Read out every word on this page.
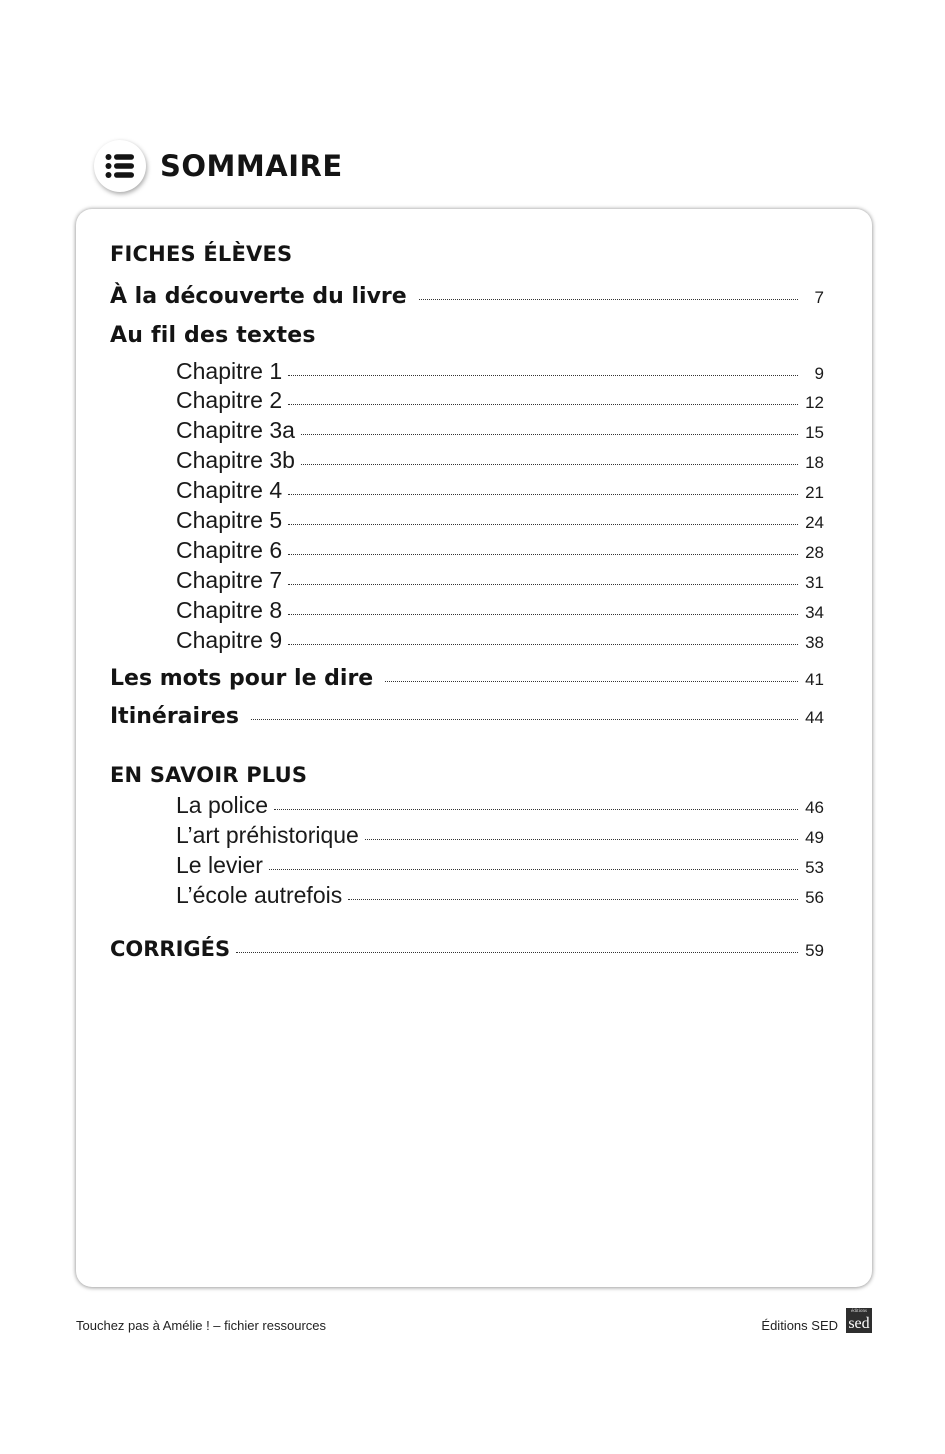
SOMMAIRE
FICHES ÉLÈVES
À la découverte du livre	7
Au fil des textes
Chapitre 1	9
Chapitre 2	12
Chapitre 3a	15
Chapitre 3b	18
Chapitre 4	21
Chapitre 5	24
Chapitre 6	28
Chapitre 7	31
Chapitre 8	34
Chapitre 9	38
Les mots pour le dire	41
Itinéraires	44
EN SAVOIR PLUS
La police	46
L’art préhistorique	49
Le levier	53
L’école autrefois	56
CORRIGÉS	59
Touchez pas à Amélie ! – fichier ressources	Éditions SED
éditions
sed
